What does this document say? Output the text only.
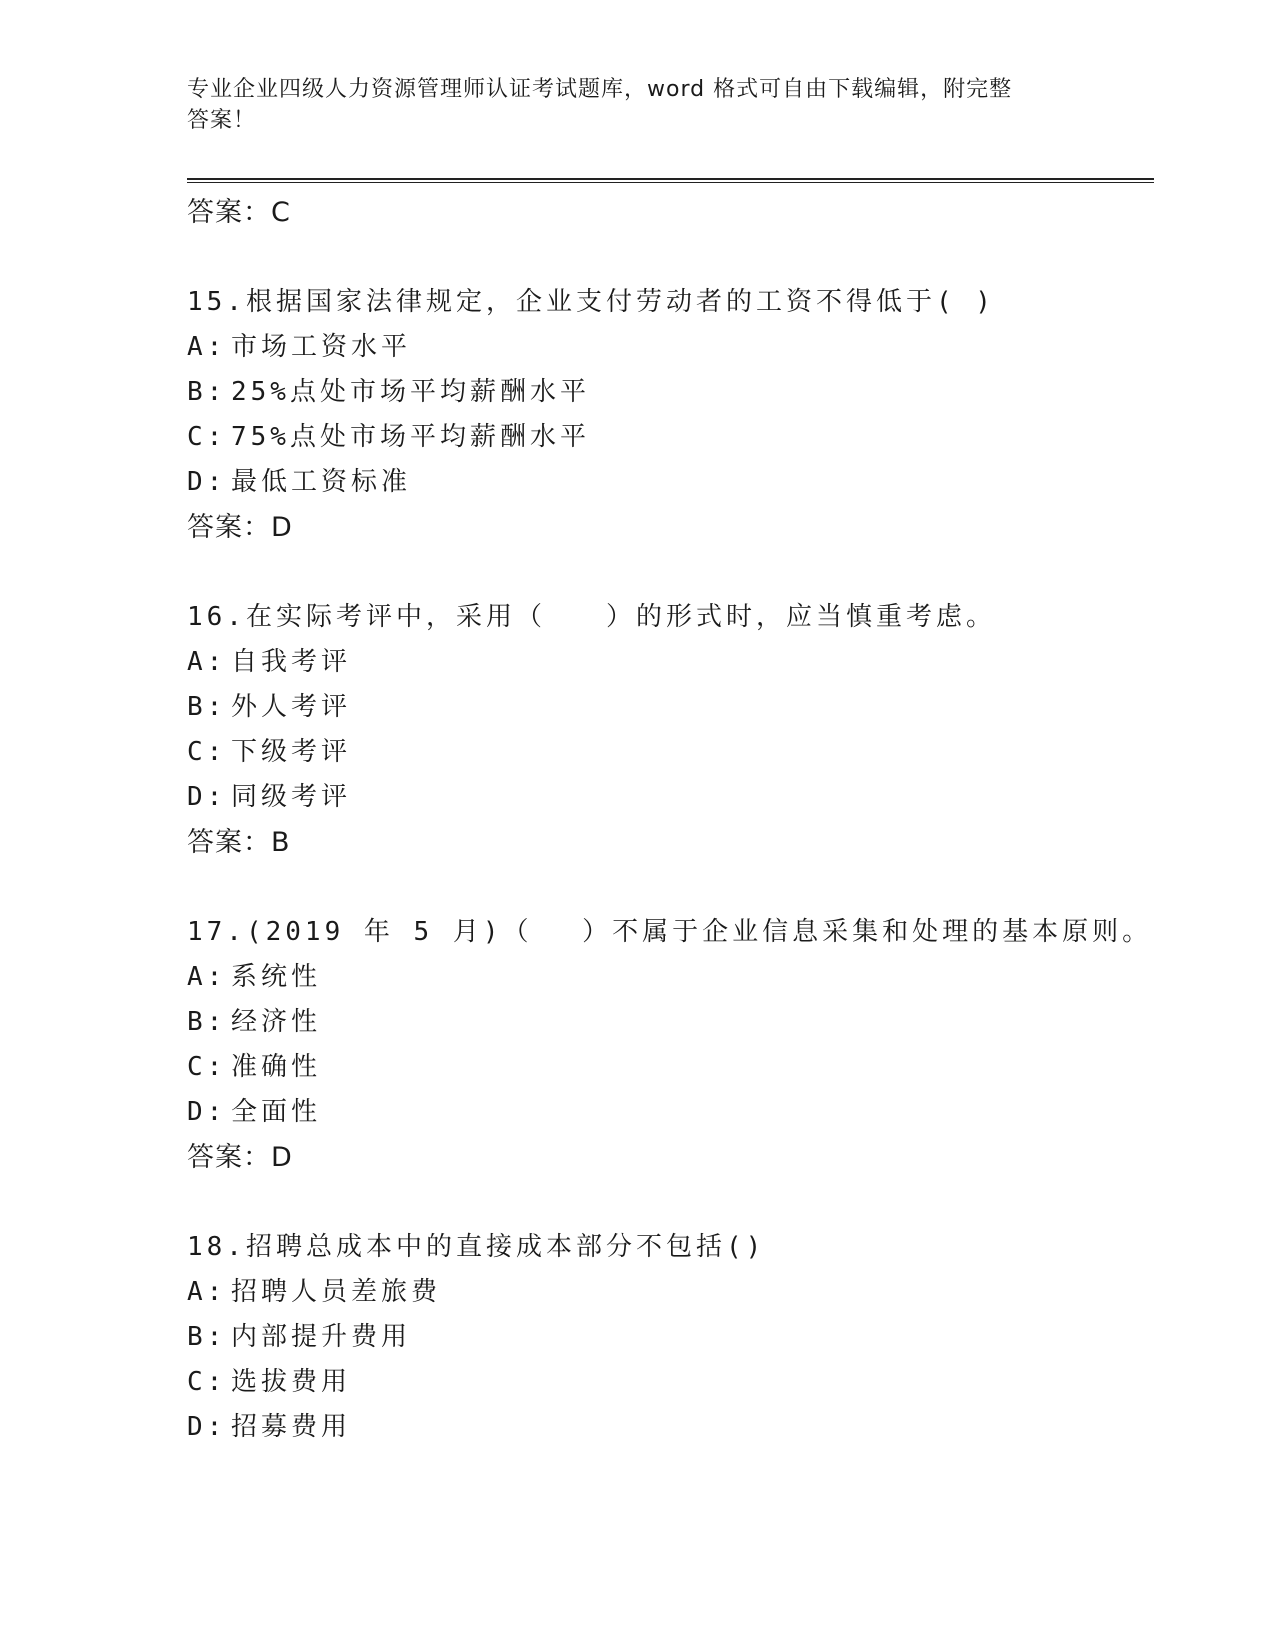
专业企业四级人力资源管理师认证考试题库，word 格式可自由下载编辑，附完整
答案！
答案：C
15.根据国家法律规定，企业支付劳动者的工资不得低于( )
A: 市场工资水平
B: 25%点处市场平均薪酬水平
C: 75%点处市场平均薪酬水平
D: 最低工资标准
答案：D
16.在实际考评中，采用（　　）的形式时，应当慎重考虑。
A: 自我考评
B: 外人考评
C: 下级考评
D: 同级考评
答案：B
17.(2019 年 5 月)（　 ）不属于企业信息采集和处理的基本原则。
A: 系统性
B: 经济性
C: 准确性
D: 全面性
答案：D
18.招聘总成本中的直接成本部分不包括()
A: 招聘人员差旅费
B: 内部提升费用
C: 选拔费用
D: 招募费用
